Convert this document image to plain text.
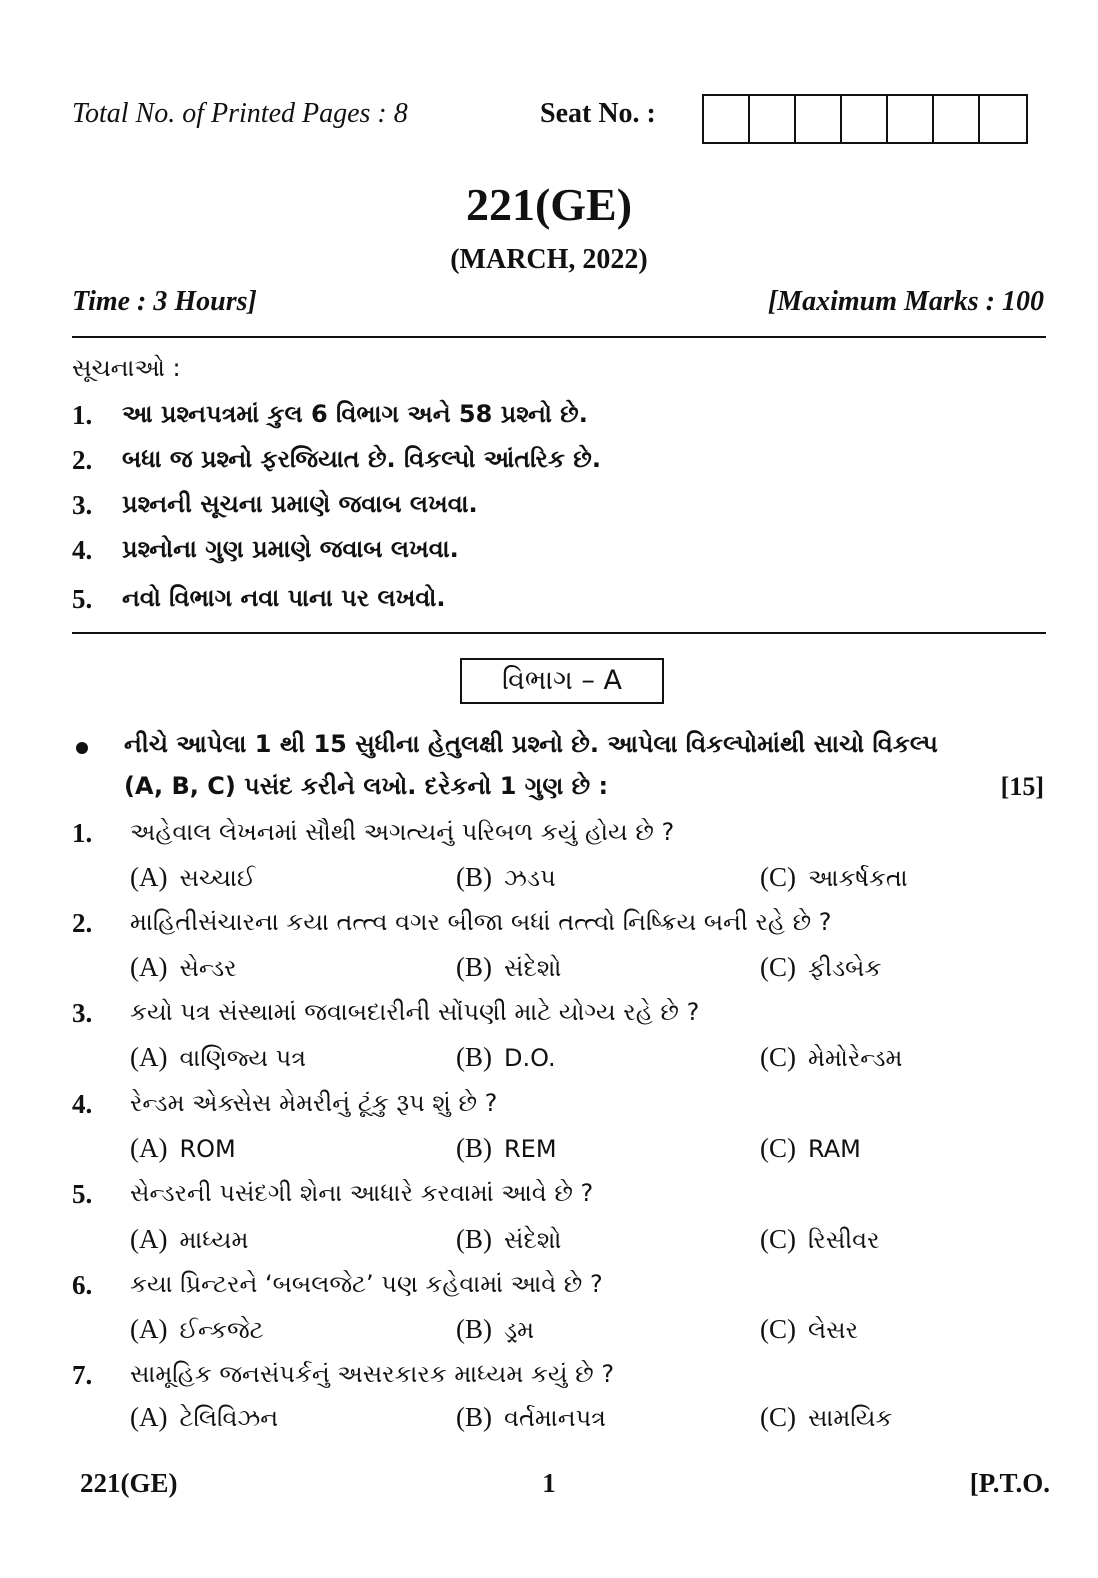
Total No. of Printed Pages : 8	Seat No. :
221(GE)
(MARCH, 2022)
Time : 3 Hours]	[Maximum Marks : 100
સૂચનાઓ :
1.	આ પ્રશ્નપત્રમાં કુલ 6 વિભાગ અને 58 પ્રશ્નો છે.
2.	બધા જ પ્રશ્નો ફરજિયાત છે. વિકલ્પો આંતરિક છે.
3.	પ્રશ્નની સૂચના પ્રમાણે જવાબ લખવા.
4.	પ્રશ્નોના ગુણ પ્રમાણે જવાબ લખવા.
5.	નવો વિભાગ નવા પાના પર લખવો.
વિભાગ – A
નીચે આપેલા 1 થી 15 સુધીના હેતુલક્ષી પ્રશ્નો છે. આપેલા વિકલ્પોમાંથી સાચો વિકલ્પ
(A, B, C) પસંદ કરીને લખો. દરેકનો 1 ગુણ છે :	[15]
1.	અહેવાલ લેખનમાં સૌથી અગત્યનું પરિબળ કયું હોય છે ?
(A) સચ્ચાઈ	(B) ઝડપ	(C) આકર્ષકતા
2.	માહિતીસંચારના કયા તત્ત્વ વગર બીજા બધાં તત્ત્વો નિષ્ક્રિય બની રહે છે ?
(A) સેન્ડર	(B) સંદેશો	(C) ફીડબેક
3.	કયો પત્ર સંસ્થામાં જવાબદારીની સોંપણી માટે યોગ્ય રહે છે ?
(A) વાણિજ્ય પત્ર	(B) D.O.	(C) મેમોરેન્ડમ
4.	રેન્ડમ એક્સેસ મેમરીનું ટૂંકુ રૂપ શું છે ?
(A) ROM	(B) REM	(C) RAM
5.	સેન્ડરની પસંદગી શેના આધારે કરવામાં આવે છે ?
(A) માધ્યમ	(B) સંદેશો	(C) રિસીવર
6.	કયા પ્રિન્ટરને ‘બબલજેટ’ પણ કહેવામાં આવે છે ?
(A) ઈન્કજેટ	(B) ડ્રમ	(C) લેસર
7.	સામૂહિક જનસંપર્કનું અસરકારક માધ્યમ કયું છે ?
(A) ટેલિવિઝન	(B) વર્તમાનપત્ર	(C) સામયિક
221(GE)	1	[P.T.O.
